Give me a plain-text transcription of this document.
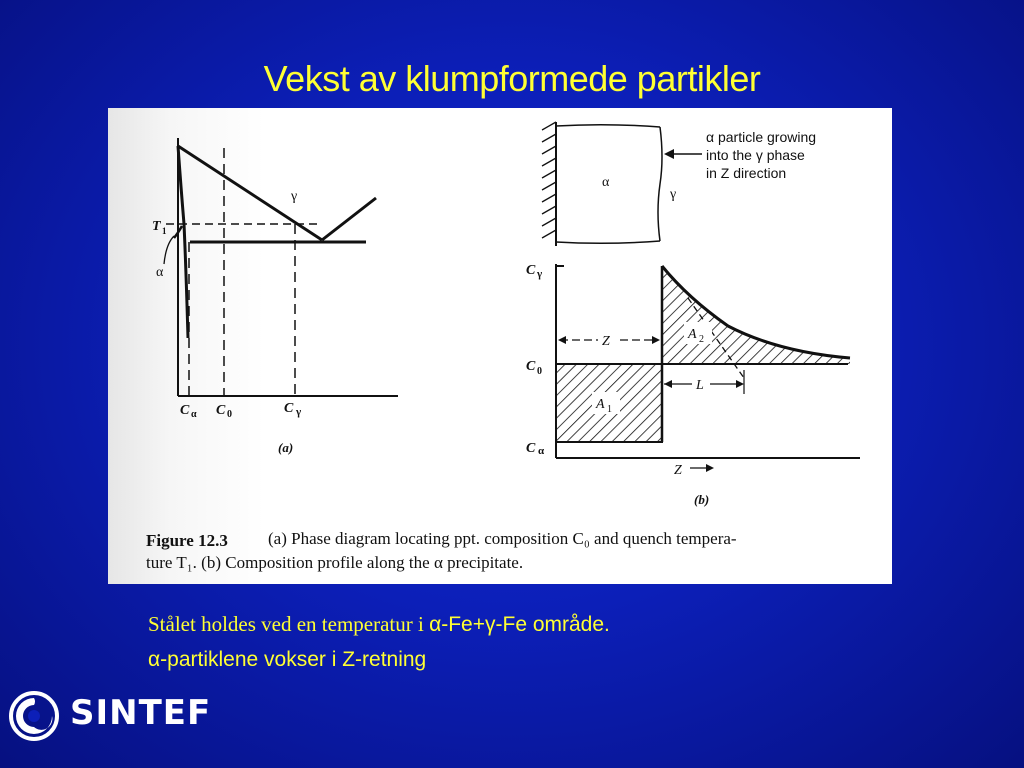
Vekst av klumpformede partikler
T 1
γ
α
C α C 0	C γ
(a)
α
γ
α particle growing
into the γ phase
in Z direction
Z
L
A 1
A 2
C γ
C 0
C α
Z
(b)
Figure 12.3 (a) Phase diagram locating ppt. composition C₀ and quench tempera-
ture T₁. (b) Composition profile along the α precipitate.
Stålet holdes ved en temperatur i α-Fe+γ-Fe område.
α-partiklene vokser i Z-retning
SINTEF
